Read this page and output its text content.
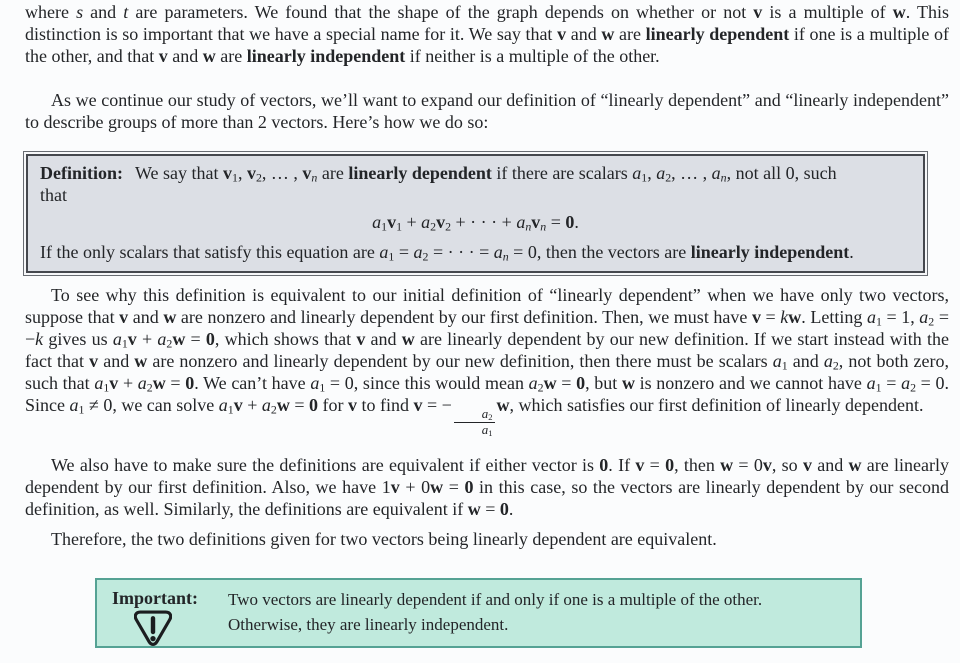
where s and t are parameters. We found that the shape of the graph depends on whether or not v is a multiple of w. This distinction is so important that we have a special name for it. We say that v and w are linearly dependent if one is a multiple of the other, and that v and w are linearly independent if neither is a multiple of the other.

As we continue our study of vectors, we’ll want to expand our definition of “linearly dependent” and “linearly independent” to describe groups of more than 2 vectors. Here’s how we do so:

Definition: We say that $v_1$, $v_2$, … , $v_n$ are linearly dependent if there are scalars $a_1$, $a_2$, … , $a_n$, not all 0, such
that

$a_1v_1 + a_2v_2$ + · · · + $a_nv_n = 0$.

If the only scalars that satisfy this equation are $a_1 = a_2$ = · · · = $a_n = 0$, then the vectors are linearly independent.

To see why this definition is equivalent to our initial definition of “linearly dependent” when we have only two vectors, suppose that v and w are nonzero and linearly dependent by our first definition. Then, we must have v = kw. Letting $a_1 = 1$, $a_2 = -k$ gives us $a_1v + a_2w = 0$, which shows that v and w are linearly dependent by our new definition. If we start instead with the fact that v and w are nonzero and linearly dependent by our new definition, then there must be scalars $a_1$ and $a_2$, not both zero, such that $a_1v + a_2w = 0$. We can’t have $a_1 = 0$, since this would mean $a_2w = 0$, but w is nonzero and we cannot have $a_1 = a_2 = 0$. Since $a_1 \ne 0$, we can solve $a_1v + a_2w = 0$ for v to find v = −
$\frac{a_2}{a_1}$
w, which satisfies our first definition of linearly dependent.

We also have to make sure the definitions are equivalent if either vector is 0. If v = 0, then w = 0v, so v and w are linearly dependent by our first definition. Also, we have 1v + 0w = 0 in this case, so the vectors are linearly dependent by our second definition, as well. Similarly, the definitions are equivalent if w = 0.

Therefore, the two definitions given for two vectors being linearly dependent are equivalent.

Important:	Two vectors are linearly dependent if and only if one is a multiple of the other.
Otherwise, they are linearly independent.
